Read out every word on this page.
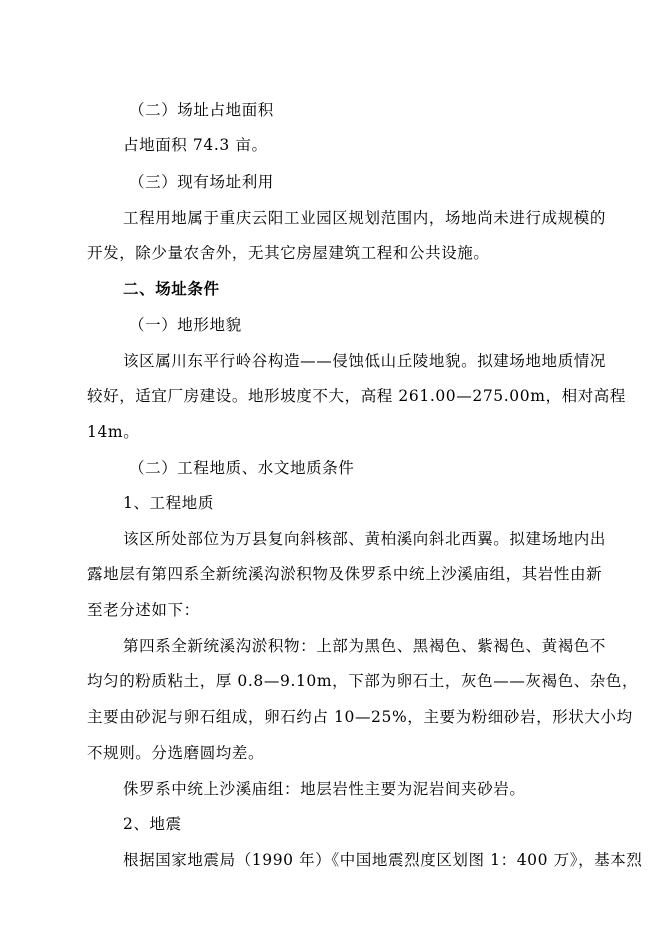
（二）场址占地面积
占地面积 74.3 亩。
（三）现有场址利用
工程用地属于重庆云阳工业园区规划范围内，场地尚未进行成规模的
开发，除少量农舍外，无其它房屋建筑工程和公共设施。
二、场址条件
（一）地形地貌
该区属川东平行岭谷构造——侵蚀低山丘陵地貌。拟建场地地质情况
较好，适宜厂房建设。地形坡度不大，高程 261.00—275.00m，相对高程
14m。
（二）工程地质、水文地质条件
1、工程地质
该区所处部位为万县复向斜核部、黄柏溪向斜北西翼。拟建场地内出
露地层有第四系全新统溪沟淤积物及侏罗系中统上沙溪庙组，其岩性由新
至老分述如下：
第四系全新统溪沟淤积物：上部为黑色、黑褐色、紫褐色、黄褐色不
均匀的粉质粘土，厚 0.8—9.10m，下部为卵石土，灰色——灰褐色、杂色，
主要由砂泥与卵石组成，卵石约占 10—25%，主要为粉细砂岩，形状大小均
不规则。分选磨圆均差。
侏罗系中统上沙溪庙组：地层岩性主要为泥岩间夹砂岩。
2、地震
根据国家地震局（1990 年）《中国地震烈度区划图 1：400 万》，基本烈
